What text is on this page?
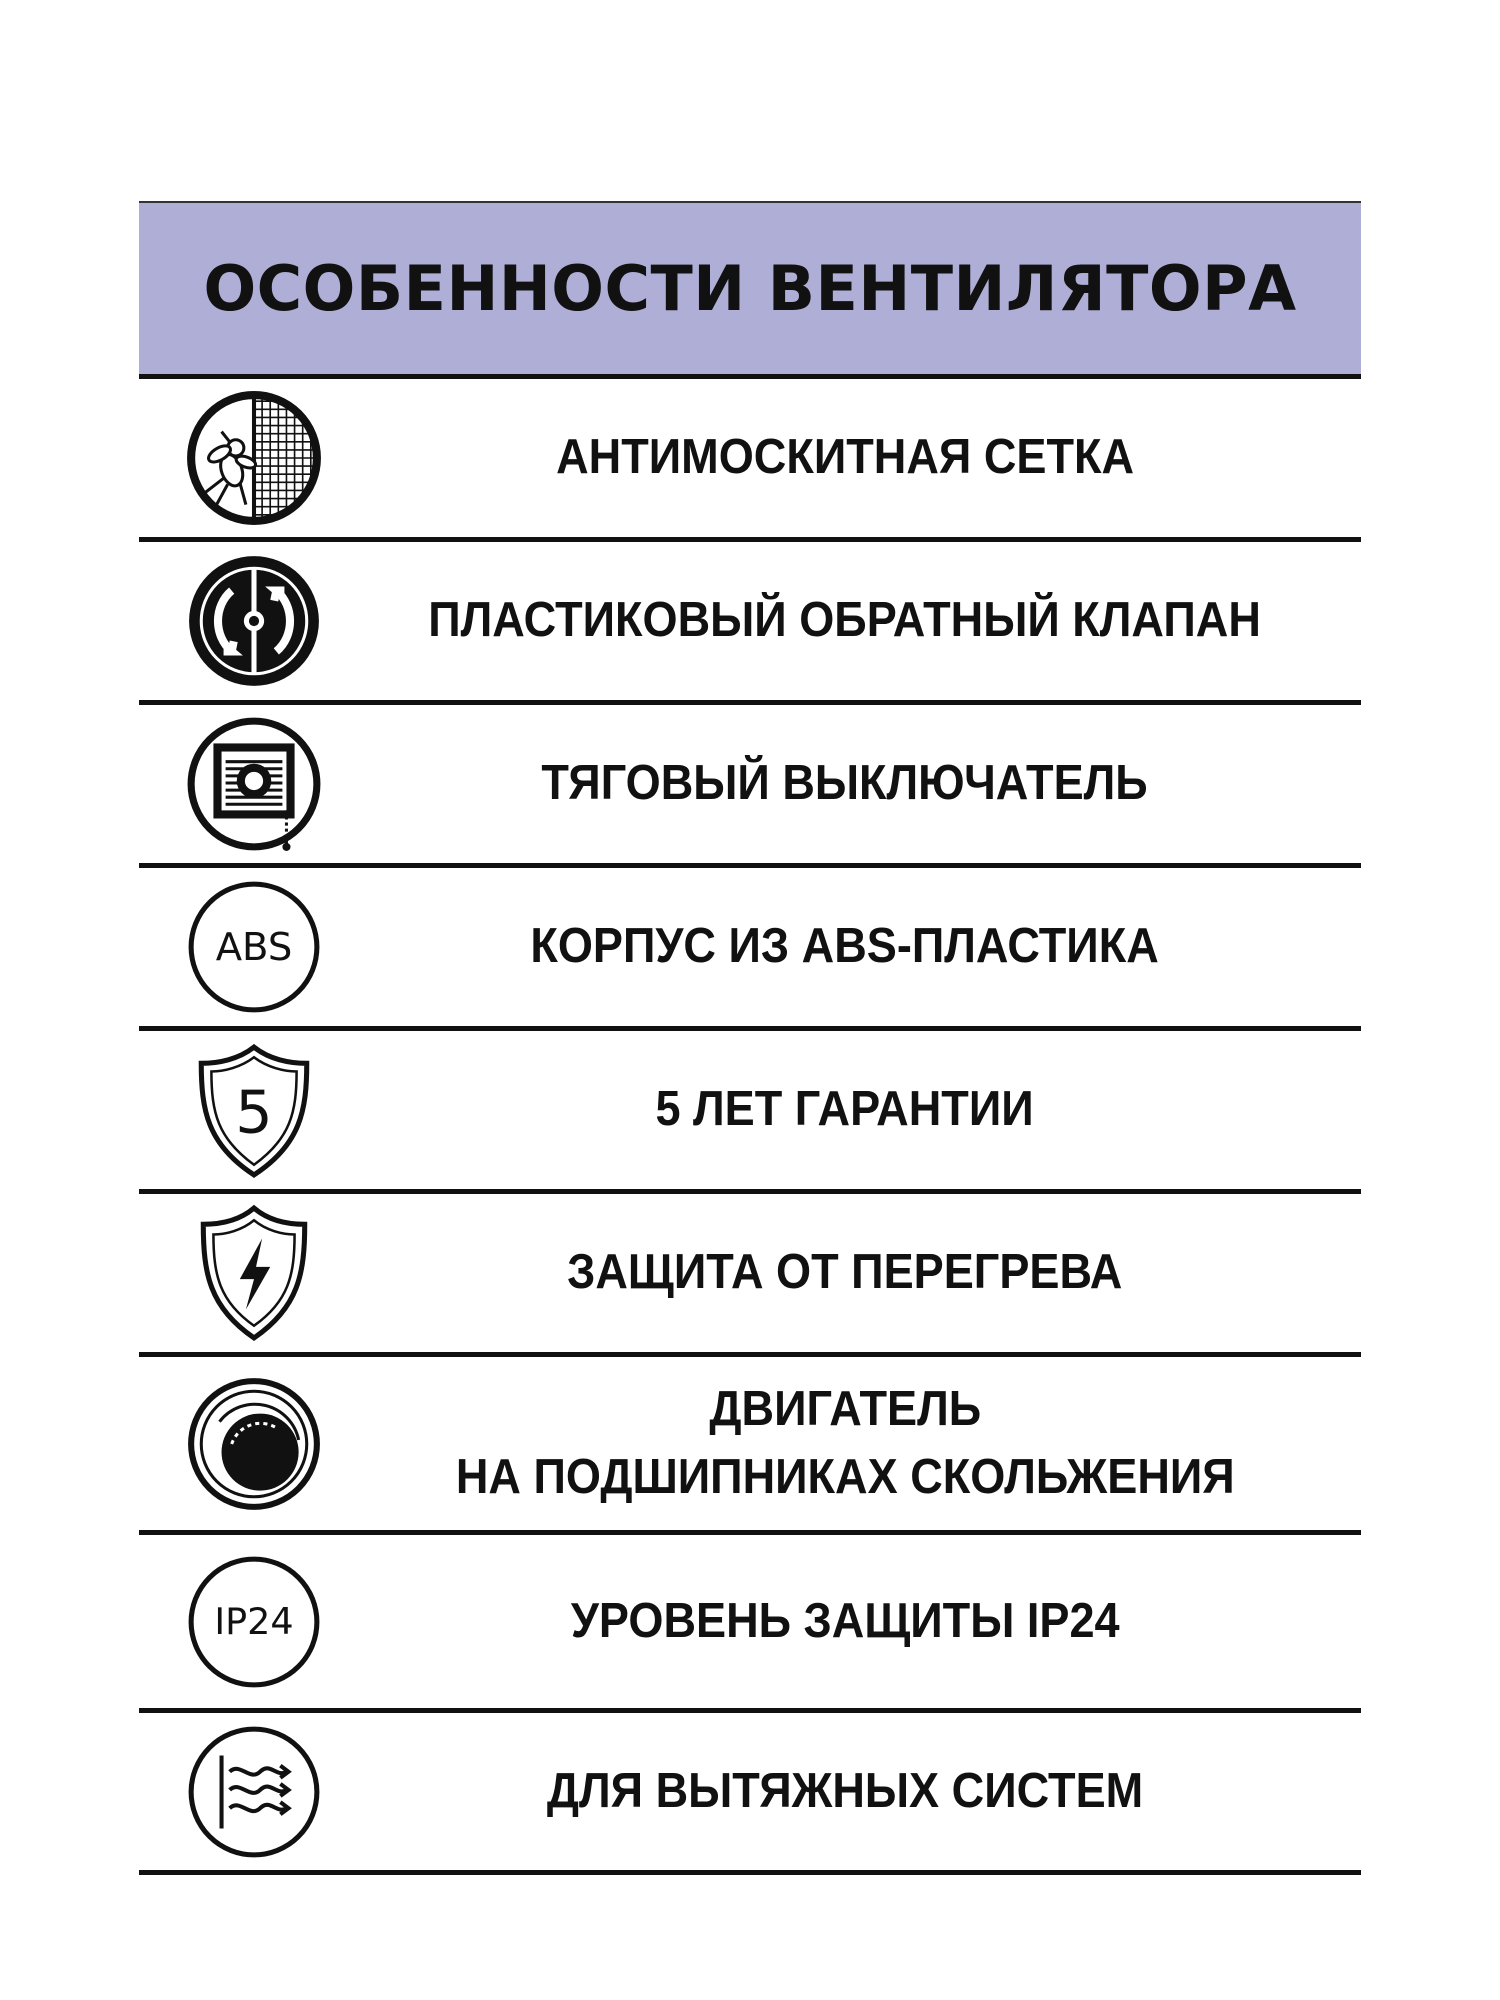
ОСОБЕННОСТИ ВЕНТИЛЯТОРА
АНТИМОСКИТНАЯ СЕТКА
ПЛАСТИКОВЫЙ ОБРАТНЫЙ КЛАПАН
ТЯГОВЫЙ ВЫКЛЮЧАТЕЛЬ
ABS	КОРПУС ИЗ ABS-ПЛАСТИКА
5	5 ЛЕТ ГАРАНТИИ
ЗАЩИТА ОТ ПЕРЕГРЕВА
ДВИГАТЕЛЬ
НА ПОДШИПНИКАХ СКОЛЬЖЕНИЯ
IP24	УРОВЕНЬ ЗАЩИТЫ IP24
ДЛЯ ВЫТЯЖНЫХ СИСТЕМ
